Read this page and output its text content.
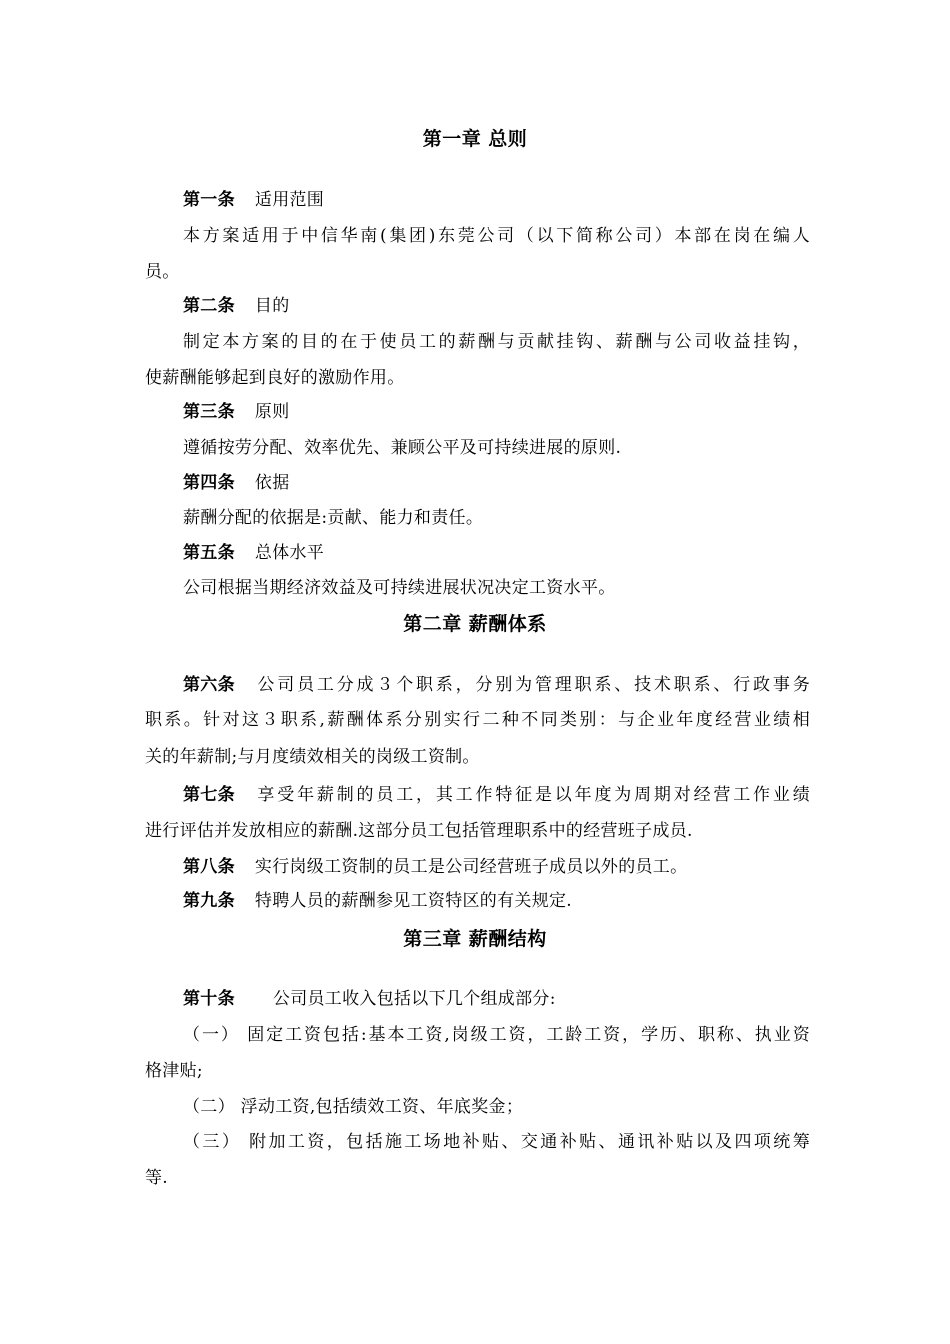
第一章 总则
第一条 适用范围
本方案适用于中信华南(集团)东莞公司（以下简称公司）本部在岗在编人
员。
第二条 目的
制定本方案的目的在于使员工的薪酬与贡献挂钩、薪酬与公司收益挂钩，
使薪酬能够起到良好的激励作用。
第三条 原则
遵循按劳分配、效率优先、兼顾公平及可持续进展的原则.
第四条 依据
薪酬分配的依据是:贡献、能力和责任。
第五条 总体水平
公司根据当期经济效益及可持续进展状况决定工资水平。
第二章 薪酬体系
第六条 公司员工分成３个职系，分别为管理职系、技术职系、行政事务
职系。针对这３职系,薪酬体系分别实行二种不同类别：与企业年度经营业绩相
关的年薪制;与月度绩效相关的岗级工资制。
第七条 享受年薪制的员工，其工作特征是以年度为周期对经营工作业绩
进行评估并发放相应的薪酬.这部分员工包括管理职系中的经营班子成员.
第八条 实行岗级工资制的员工是公司经营班子成员以外的员工。
第九条 特聘人员的薪酬参见工资特区的有关规定.
第三章 薪酬结构
第十条 公司员工收入包括以下几个组成部分:
（一） 固定工资包括:基本工资,岗级工资，工龄工资，学历、职称、执业资
格津贴;
（二） 浮动工资,包括绩效工资、年底奖金；
（三） 附加工资，包括施工场地补贴、交通补贴、通讯补贴以及四项统筹
等.
